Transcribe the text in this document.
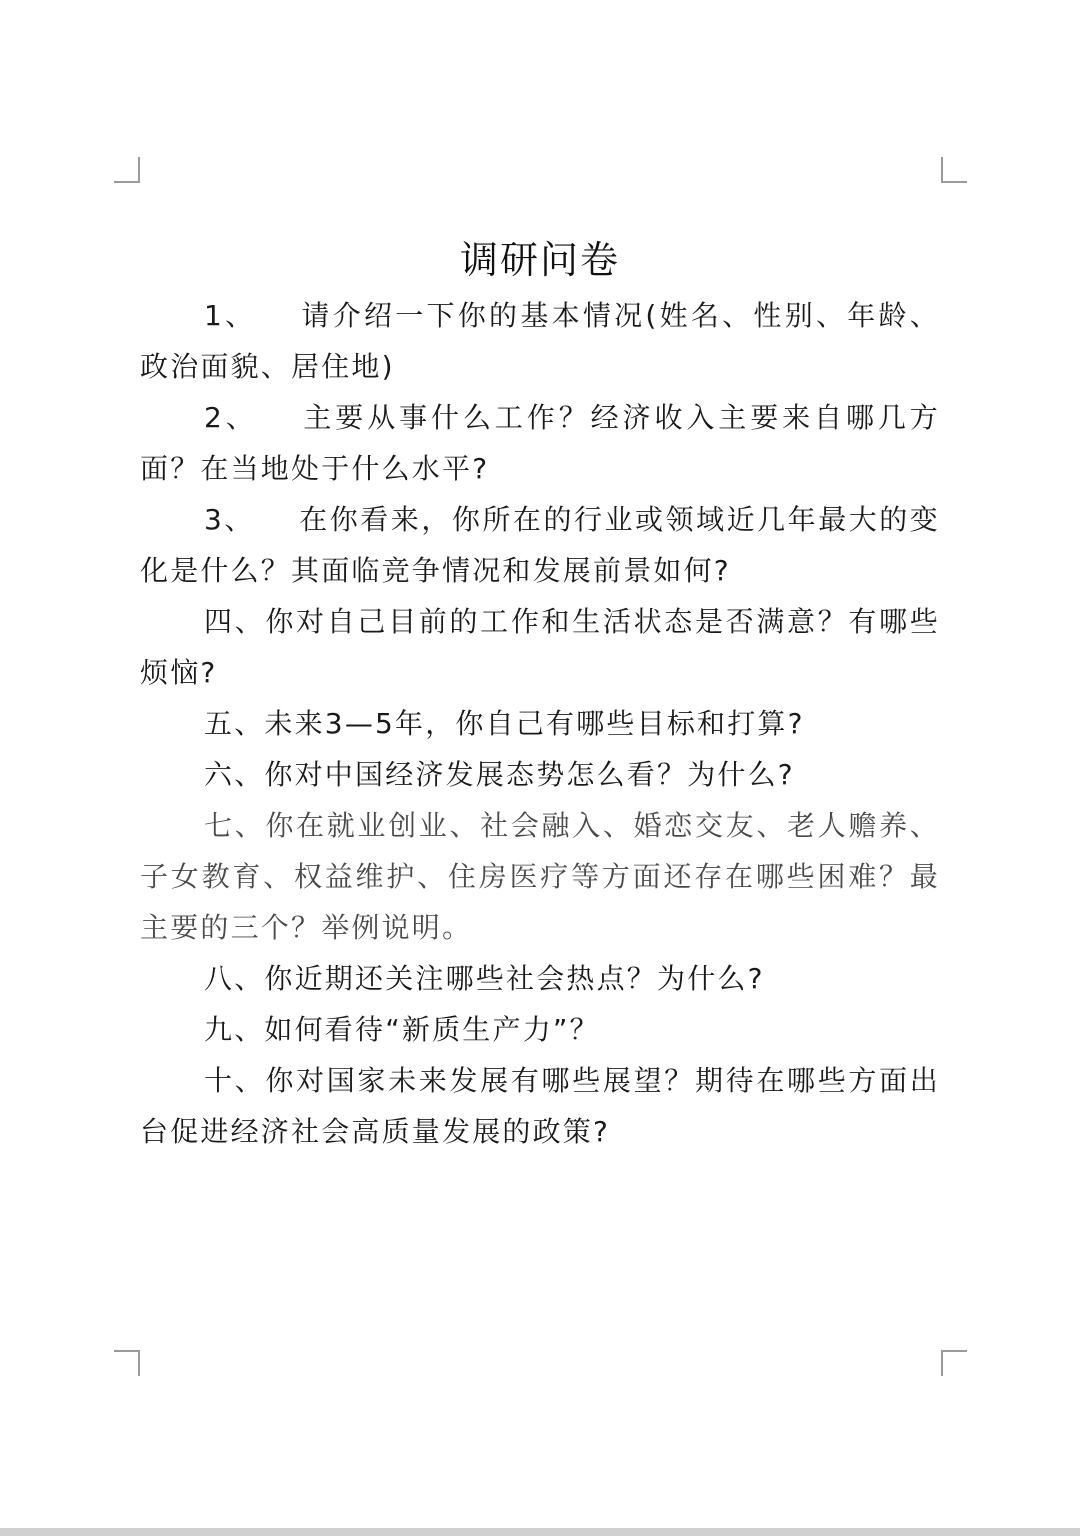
调研问卷

1、 请介绍一下你的基本情况(姓名、性别、年龄、政治面貌、居住地)

2、 主要从事什么工作？经济收入主要来自哪几方面？在当地处于什么水平?

3、 在你看来，你所在的行业或领域近几年最大的变化是什么？其面临竞争情况和发展前景如何?

四、你对自己目前的工作和生活状态是否满意？有哪些烦恼?

五、未来3—5年，你自己有哪些目标和打算?

六、你对中国经济发展态势怎么看？为什么?

七、你在就业创业、社会融入、婚恋交友、老人赡养、子女教育、权益维护、住房医疗等方面还存在哪些困难？最主要的三个？举例说明。

八、你近期还关注哪些社会热点？为什么?

九、如何看待“新质生产力”？

十、你对国家未来发展有哪些展望？期待在哪些方面出台促进经济社会高质量发展的政策?
